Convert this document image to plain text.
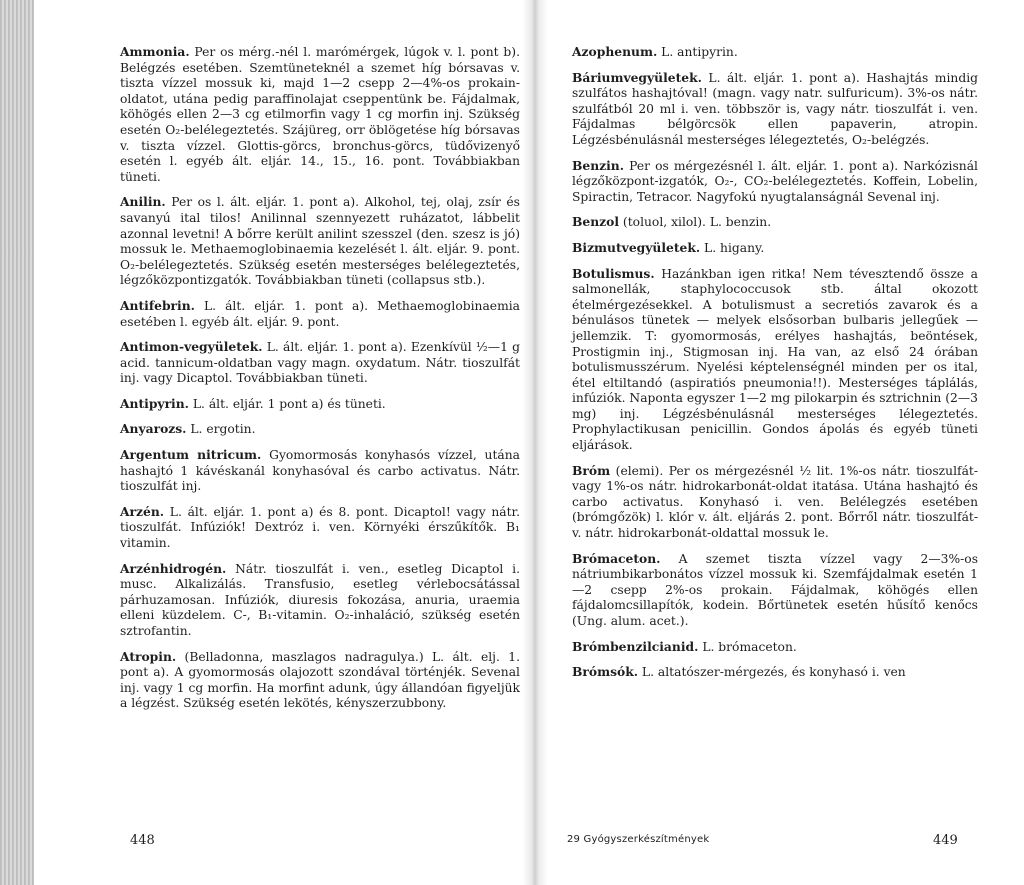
Ammonia. Per os mérg.-nél l. marómérgek, lúgok v. l. pont b). Belégzés esetében. Szemtüneteknél a szemet híg bórsavas v. tiszta vízzel mossuk ki, majd 1—2 csepp 2—4%-os prokain-oldatot, utána pedig paraffinolajat cseppentünk be. Fájdalmak, köhögés ellen 2—3 cg etilmorfin vagy 1 cg morfin inj. Szükség esetén O₂-belélegeztetés. Szájüreg, orr öblögetése híg bórsavas v. tiszta vízzel. Glottis-görcs, bronchus-görcs, tüdővizenyő esetén l. egyéb ált. eljár. 14., 15., 16. pont. Továbbiakban tüneti.

Anilin. Per os l. ált. eljár. 1. pont a). Alkohol, tej, olaj, zsír és savanyú ital tilos! Anilinnal szennyezett ruházatot, lábbelit azonnal levetni! A bőrre került anilint szesszel (den. szesz is jó) mossuk le. Methaemoglobinaemia kezelését l. ált. eljár. 9. pont. O₂-belélegeztetés. Szükség esetén mesterséges belélegeztetés, légzőközpontizgatók. Továbbiakban tüneti (collapsus stb.).

Antifebrin. L. ált. eljár. 1. pont a). Methaemoglobinaemia esetében l. egyéb ált. eljár. 9. pont.

Antimon-vegyületek. L. ált. eljár. 1. pont a). Ezenkívül ½—1 g acid. tannicum-oldatban vagy magn. oxydatum. Nátr. tioszulfát inj. vagy Dicaptol. Továbbiakban tüneti.

Antipyrin. L. ált. eljár. 1 pont a) és tüneti.

Anyarozs. L. ergotin.

Argentum nitricum. Gyomormosás konyhasós vízzel, utána hashajtó 1 kávéskanál konyhasóval és carbo activatus. Nátr. tioszulfát inj.

Arzén. L. ált. eljár. 1. pont a) és 8. pont. Dicaptol! vagy nátr. tioszulfát. Infúziók! Dextróz i. ven. Környéki érszűkítők. B₁ vitamin.

Arzénhidrogén. Nátr. tioszulfát i. ven., esetleg Dicaptol i. musc. Alkalizálás. Transfusio, esetleg vérlebocsátással párhuzamosan. Infúziók, diuresis fokozása, anuria, uraemia elleni küzdelem. C-, B₁-vitamin. O₂-inhaláció, szükség esetén sztrofantin.

Atropin. (Belladonna, maszlagos nadragulya.) L. ált. elj. 1. pont a). A gyomormosás olajozott szondával történjék. Sevenal inj. vagy 1 cg morfin. Ha morfint adunk, úgy állandóan figyeljük a légzést. Szükség esetén lekötés, kényszerzubbony.

Azophenum. L. antipyrin.

Báriumvegyületek. L. ált. eljár. 1. pont a). Hashajtás mindig szulfátos hashajtóval! (magn. vagy natr. sulfuricum). 3%-os nátr. szulfátból 20 ml i. ven. többször is, vagy nátr. tioszulfát i. ven. Fájdalmas bélgörcsök ellen papaverin, atropin. Légzésbénulásnál mesterséges lélegeztetés, O₂-belégzés.

Benzin. Per os mérgezésnél l. ált. eljár. 1. pont a). Narkózisnál légzőközpont-izgatók, O₂-, CO₂-belélegeztetés. Koffein, Lobelin, Spiractin, Tetracor. Nagyfokú nyugtalanságnál Sevenal inj.

Benzol (toluol, xilol). L. benzin.

Bizmutvegyületek. L. higany.

Botulismus. Hazánkban igen ritka! Nem tévesztendő össze a salmonellák, staphylococcusok stb. által okozott ételmérgezésekkel. A botulismust a secretiós zavarok és a bénulásos tünetek — melyek elsősorban bulbaris jellegűek — jellemzik. T: gyomormosás, erélyes hashajtás, beöntések, Prostigmin inj., Stigmosan inj. Ha van, az első 24 órában botulismusszérum. Nyelési képtelenségnél minden per os ital, étel eltiltandó (aspiratiós pneumonia!!). Mesterséges táplálás, infúziók. Naponta egyszer 1—2 mg pilokarpin és sztrichnin (2—3 mg) inj. Légzésbénulásnál mesterséges lélegeztetés. Prophylactikusan penicillin. Gondos ápolás és egyéb tüneti eljárások.

Bróm (elemi). Per os mérgezésnél ½ lit. 1%-os nátr. tioszulfát- vagy 1%-os nátr. hidrokarbonát-oldat itatása. Utána hashajtó és carbo activatus. Konyhasó i. ven. Belélegzés esetében (brómgőzök) l. klór v. ált. eljárás 2. pont. Bőrről nátr. tioszulfát- v. nátr. hidrokarbonát-oldattal mossuk le.

Brómaceton. A szemet tiszta vízzel vagy 2—3%-os nátriumbikarbonátos vízzel mossuk ki. Szemfájdalmak esetén 1—2 csepp 2%-os prokain. Fájdalmak, köhögés ellen fájdalomcsillapítók, kodein. Bőrtünetek esetén hűsítő kenőcs (Ung. alum. acet.).

Brómbenzilcianid. L. brómaceton.

Brómsók. L. altatószer-mérgezés, és konyhasó i. ven

448	29 Gyógyszerkészítmények	449
